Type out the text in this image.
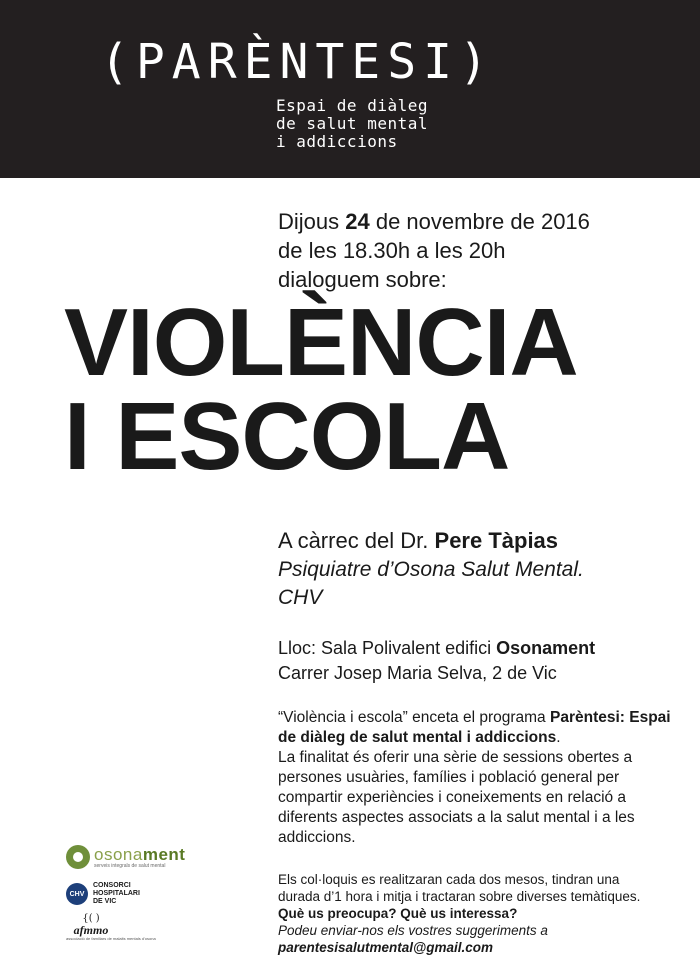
(PARÈNTESI)
Espai de diàleg
de salut mental
i addiccions
Dijous 24 de novembre de 2016
de les 18.30h a les 20h
dialoguem sobre:
VIOLÈNCIA
I ESCOLA
A càrrec del Dr. Pere Tàpias
Psiquiatre d’Osona Salut Mental.
CHV
Lloc: Sala Polivalent edifici Osonament
Carrer Josep Maria Selva, 2 de Vic

“Violència i escola” enceta el programa Parèntesi: Espai de diàleg de salut mental i addiccions.

La finalitat és oferir una sèrie de sessions obertes a persones usuàries, famílies i població general per compartir experiències i coneixements en relació a diferents aspectes associats a la salut mental i a les addiccions.

Els col·loquis es realitzaran cada dos mesos, tindran una
durada d’1 hora i mitja i tractaran sobre diverses temàtiques.
Què us preocupa? Què us interessa?
Podeu enviar-nos els vostres suggeriments a
parentesisalutmental@gmail.com
osonament
serveis integrals de salut mental
CHV
CONSORCI
HOSPITALARI
DE VIC
{( )
afmmo
associació de familiars de malalts mentals d'osona
